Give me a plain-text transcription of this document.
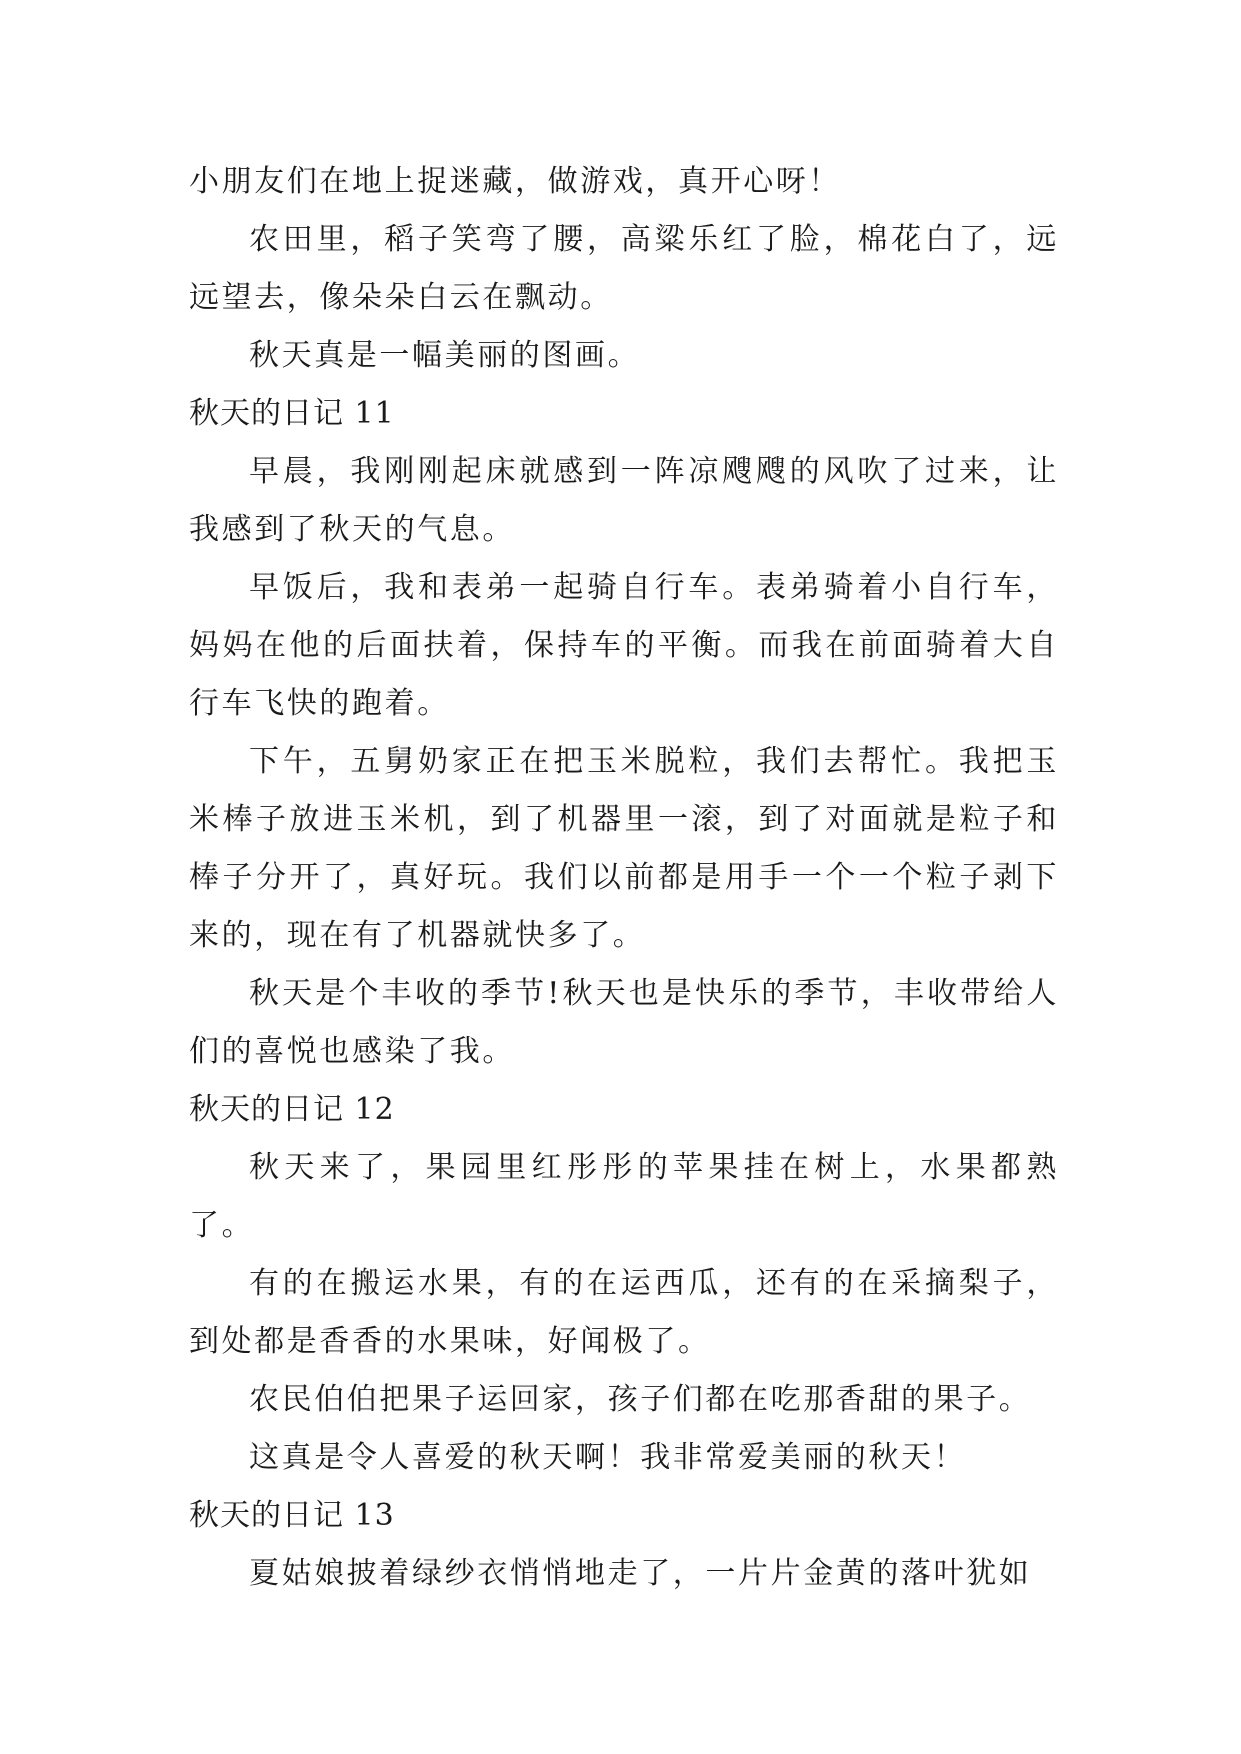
小朋友们在地上捉迷藏，做游戏，真开心呀！

农田里，稻子笑弯了腰，高粱乐红了脸，棉花白了，远远望去，像朵朵白云在飘动。

秋天真是一幅美丽的图画。

秋天的日记 11

早晨，我刚刚起床就感到一阵凉飕飕的风吹了过来，让我感到了秋天的气息。

早饭后，我和表弟一起骑自行车。表弟骑着小自行车，妈妈在他的后面扶着，保持车的平衡。而我在前面骑着大自行车飞快的跑着。

下午，五舅奶家正在把玉米脱粒，我们去帮忙。我把玉米棒子放进玉米机，到了机器里一滚，到了对面就是粒子和棒子分开了，真好玩。我们以前都是用手一个一个粒子剥下来的，现在有了机器就快多了。

秋天是个丰收的季节!秋天也是快乐的季节，丰收带给人们的喜悦也感染了我。

秋天的日记 12

秋天来了，果园里红彤彤的苹果挂在树上，水果都熟了。

有的在搬运水果，有的在运西瓜，还有的在采摘梨子，到处都是香香的水果味，好闻极了。

农民伯伯把果子运回家，孩子们都在吃那香甜的果子。

这真是令人喜爱的秋天啊！我非常爱美丽的秋天！

秋天的日记 13

夏姑娘披着绿纱衣悄悄地走了，一片片金黄的落叶犹如
